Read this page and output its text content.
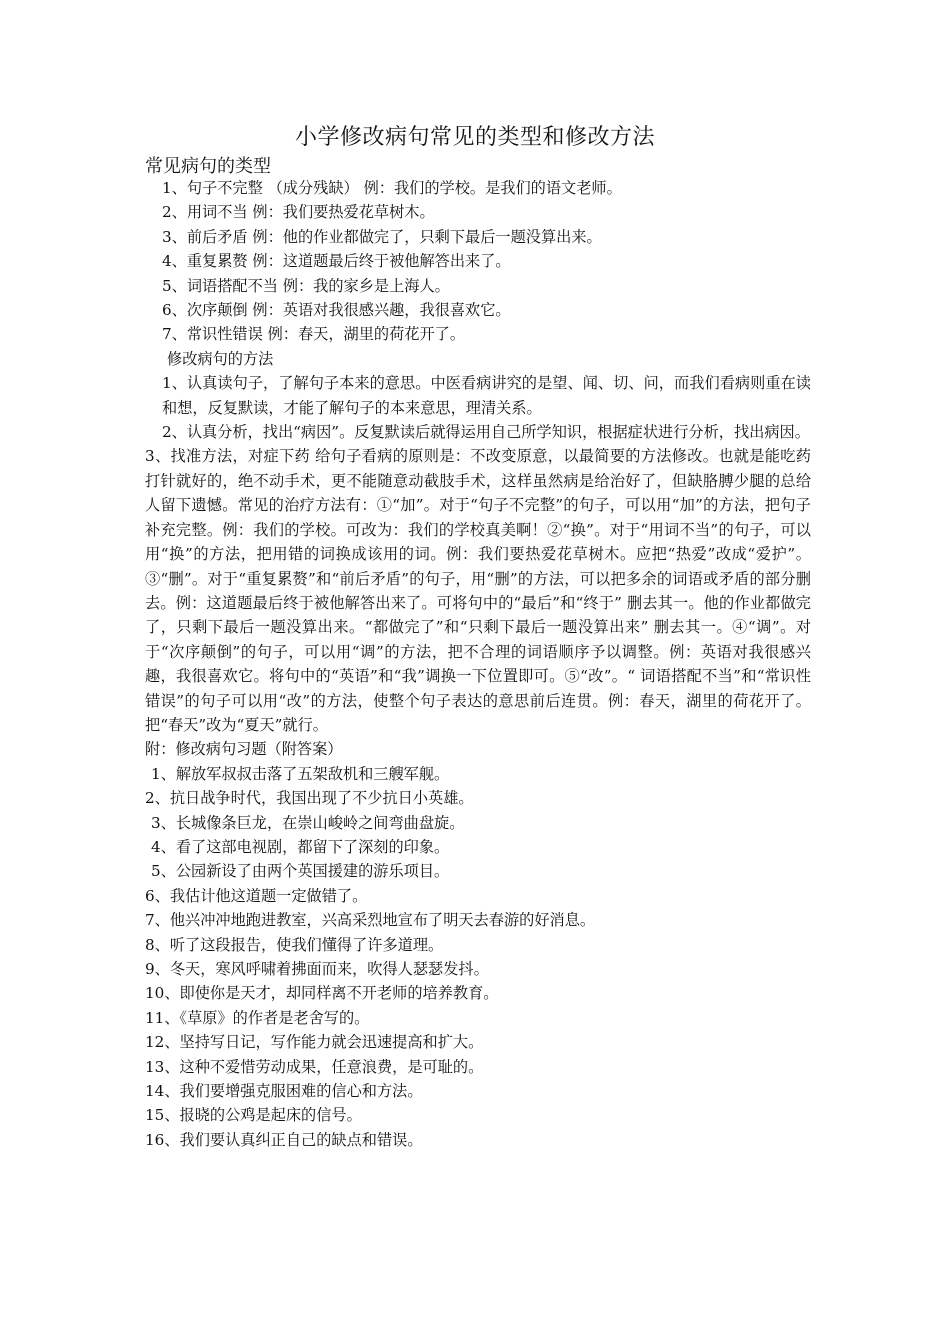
小学修改病句常见的类型和修改方法
常见病句的类型

1、句子不完整 （成分残缺） 例：我们的学校。是我们的语文老师。

2、用词不当 例：我们要热爱花草树木。

3、前后矛盾 例：他的作业都做完了，只剩下最后一题没算出来。

4、重复累赘 例：这道题最后终于被他解答出来了。

5、词语搭配不当 例：我的家乡是上海人。

6、次序颠倒 例：英语对我很感兴趣，我很喜欢它。

7、常识性错误 例：春天，湖里的荷花开了。

修改病句的方法

1、认真读句子，了解句子本来的意思。中医看病讲究的是望、闻、切、问，而我们看病则重在读和想，反复默读，才能了解句子的本来意思，理清关系。

2、认真分析，找出“病因”。反复默读后就得运用自己所学知识，根据症状进行分析，找出病因。

3、找准方法，对症下药 给句子看病的原则是：不改变原意，以最简要的方法修改。也就是能吃药打针就好的，绝不动手术，更不能随意动截肢手术，这样虽然病是给治好了，但缺胳膊少腿的总给人留下遗憾。常见的治疗方法有：①“加”。对于“句子不完整”的句子，可以用“加”的方法，把句子补充完整。例：我们的学校。可改为：我们的学校真美啊！②“换”。对于“用词不当”的句子，可以用“换”的方法，把用错的词换成该用的词。例：我们要热爱花草树木。应把“热爱”改成“爱护”。③“删”。对于“重复累赘”和“前后矛盾”的句子，用“删”的方法，可以把多余的词语或矛盾的部分删去。例：这道题最后终于被他解答出来了。可将句中的“最后”和“终于” 删去其一。他的作业都做完了，只剩下最后一题没算出来。“都做完了”和“只剩下最后一题没算出来” 删去其一。④“调”。对于“次序颠倒”的句子，可以用“调”的方法，把不合理的词语顺序予以调整。例：英语对我很感兴趣，我很喜欢它。将句中的“英语”和“我”调换一下位置即可。⑤“改”。“ 词语搭配不当”和“常识性错误”的句子可以用“改”的方法，使整个句子表达的意思前后连贯。例：春天，湖里的荷花开了。把“春天”改为“夏天”就行。

附：修改病句习题（附答案）

1、解放军叔叔击落了五架敌机和三艘军舰。

2、抗日战争时代，我国出现了不少抗日小英雄。

3、长城像条巨龙，在崇山峻岭之间弯曲盘旋。

4、看了这部电视剧，都留下了深刻的印象。

5、公园新设了由两个英国援建的游乐项目。

6、我估计他这道题一定做错了。

7、他兴冲冲地跑进教室，兴高采烈地宣布了明天去春游的好消息。

8、听了这段报告，使我们懂得了许多道理。

9、冬天，寒风呼啸着拂面而来，吹得人瑟瑟发抖。

10、即使你是天才，却同样离不开老师的培养教育。

11、《草原》的作者是老舍写的。

12、坚持写日记，写作能力就会迅速提高和扩大。

13、这种不爱惜劳动成果，任意浪费，是可耻的。

14、我们要增强克服困难的信心和方法。

15、报晓的公鸡是起床的信号。

16、我们要认真纠正自己的缺点和错误。
